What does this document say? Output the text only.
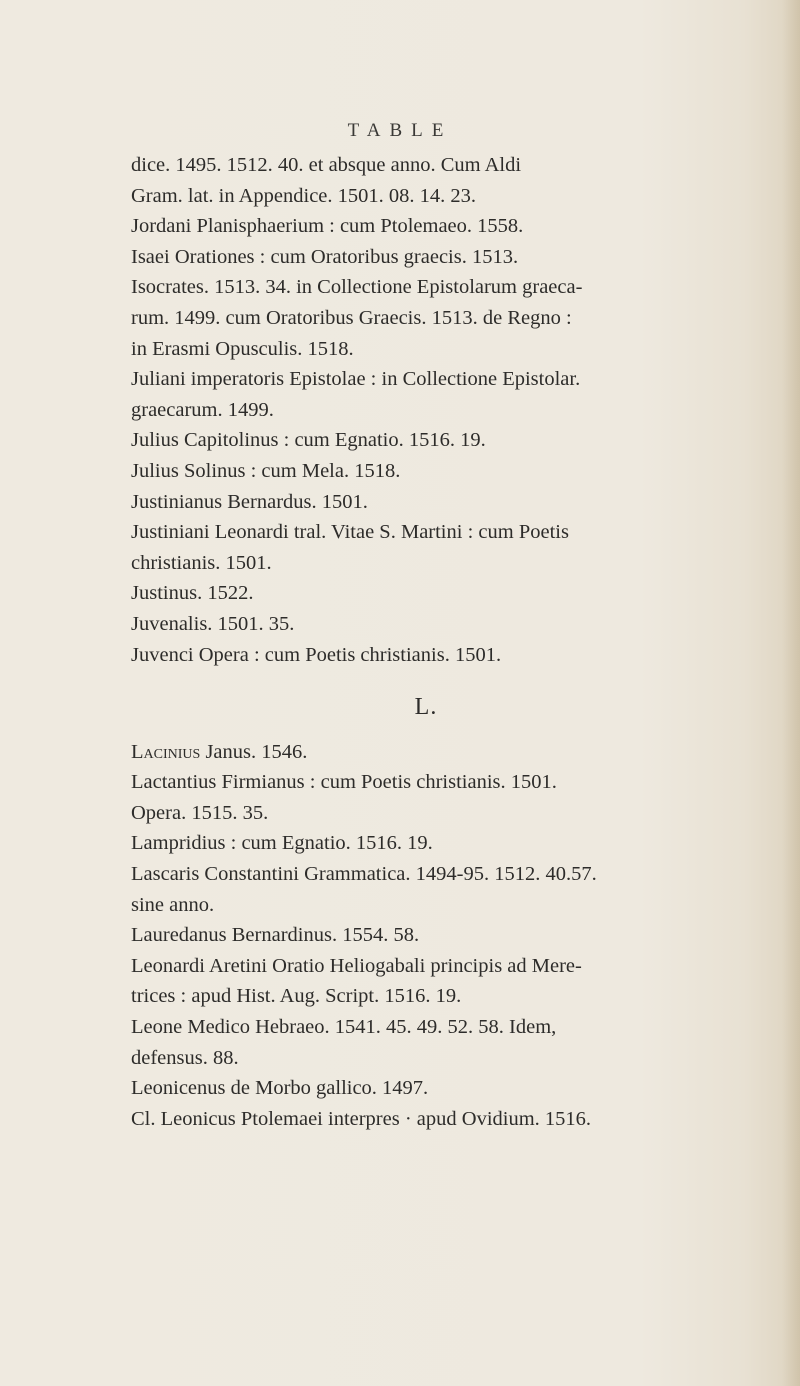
TABLE

dice. 1495. 1512. 40. et absque anno. Cum Aldi
Gram. lat. in Appendice. 1501. 08. 14. 23.

Jordani Planisphaerium : cum Ptolemaeo. 1558.

Isaei Orationes : cum Oratoribus graecis. 1513.

Isocrates. 1513. 34. in Collectione Epistolarum graeca-
rum. 1499. cum Oratoribus Graecis. 1513. de Regno :
in Erasmi Opusculis. 1518.

Juliani imperatoris Epistolae : in Collectione Epistolar.
graecarum. 1499.

Julius Capitolinus : cum Egnatio. 1516. 19.

Julius Solinus : cum Mela. 1518.

Justinianus Bernardus. 1501.

Justiniani Leonardi tral. Vitae S. Martini : cum Poetis
christianis. 1501.

Justinus. 1522.

Juvenalis. 1501. 35.

Juvenci Opera : cum Poetis christianis. 1501.

L.

Lacinius Janus. 1546.

Lactantius Firmianus : cum Poetis christianis. 1501.
Opera. 1515. 35.

Lampridius : cum Egnatio. 1516. 19.

Lascaris Constantini Grammatica. 1494-95. 1512. 40.57.
sine anno.

Lauredanus Bernardinus. 1554. 58.

Leonardi Aretini Oratio Heliogabali principis ad Mere-
trices : apud Hist. Aug. Script. 1516. 19.

Leone Medico Hebraeo. 1541. 45. 49. 52. 58. Idem,
defensus. 88.

Leonicenus de Morbo gallico. 1497.

Cl. Leonicus Ptolemaei interpres · apud Ovidium. 1516.
